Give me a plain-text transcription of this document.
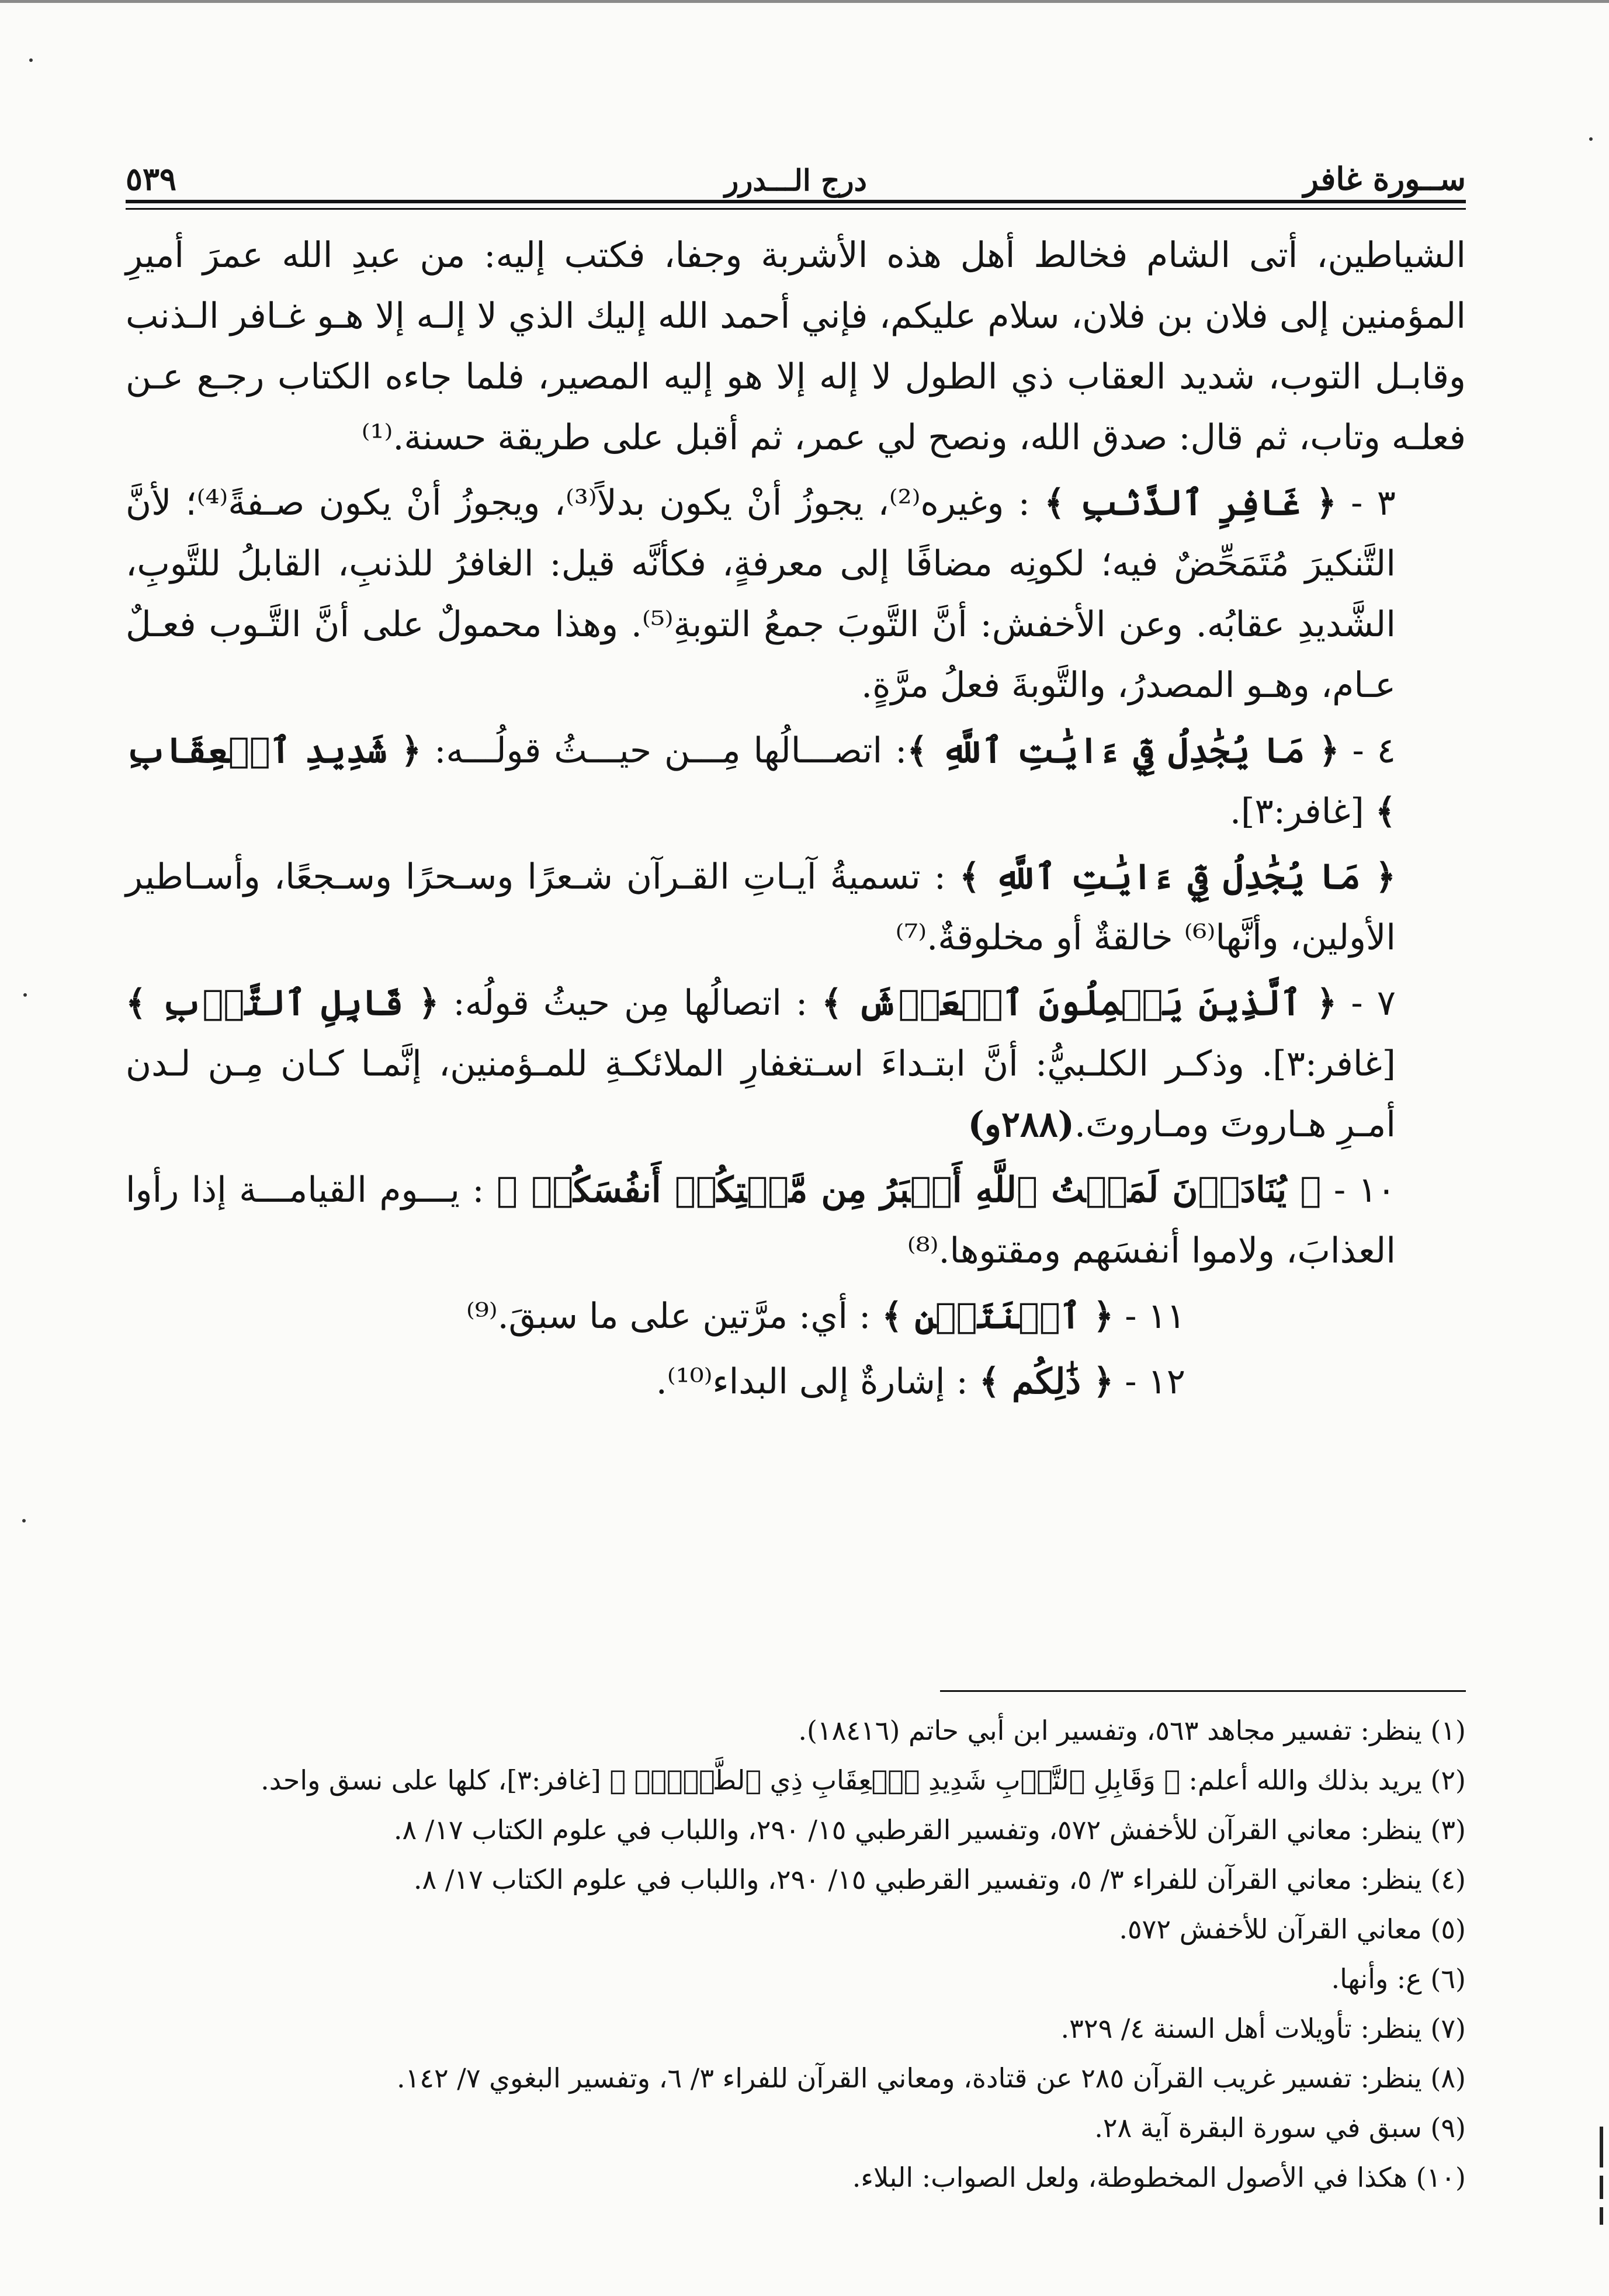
ســورة غافر
درج الـــدرر
٥٣٩

الشياطين، أتى الشام فخالط أهل هذه الأشربة وجفا، فكتب إليه: من عبدِ الله عمرَ أميرِ المؤمنين إلى فلان بن فلان، سلام عليكم، فإني أحمد الله إليك الذي لا إلـه إلا هـو غـافر الـذنب وقابـل التوب، شديد العقاب ذي الطول لا إله إلا هو إليه المصير، فلما جاءه الكتاب رجـع عـن فعلـه وتاب، ثم قال: صدق الله، ونصح لي عمر، ثم أقبل على طريقة حسنة.⁽¹⁾

٣ - ﴿ غَافِرِ ٱلذَّنۢبِ ﴾ : وغيره⁽²⁾، يجوزُ أنْ يكون بدلاً⁽³⁾، ويجوزُ أنْ يكون صـفةً⁽⁴⁾؛ لأنَّ التَّنكيرَ مُتَمَحِّضٌ فيه؛ لكونِه مضافًا إلى معرفةٍ، فكأنَّه قيل: الغافرُ للذنبِ، القابلُ للتَّوبِ، الشَّديدِ عقابُه. وعن الأخفش: أنَّ التَّوبَ جمعُ التوبةِ⁽⁵⁾. وهذا محمولٌ على أنَّ التَّـوب فعـلٌ عـام، وهـو المصدرُ، والتَّوبةَ فعلُ مرَّةٍ.

٤ - ﴿ مَا يُجَٰدِلُ فِيٓ ءَايَٰتِ ٱللَّهِ ﴾: اتصـــالُها مِـــن حيـــثُ قولُـــه: ﴿ شَدِيدِ ٱلۡعِقَابِ ﴾ [غافر:٣].

﴿ مَا يُجَٰدِلُ فِيٓ ءَايَٰتِ ٱللَّهِ ﴾ : تسميةُ آيـاتِ القـرآن شـعرًا وسـحرًا وسـجعًا، وأسـاطير الأولين، وأنَّها⁽⁶⁾ خالقةٌ أو مخلوقةٌ.⁽⁷⁾

٧ - ﴿ ٱلَّذِينَ يَحۡمِلُونَ ٱلۡعَرۡشَ ﴾ : اتصالُها مِن حيثُ قولُه: ﴿ قَابِلِ ٱلتَّوۡبِ ﴾ [غافر:٣]. وذكـر الكلـبيُّ: أنَّ ابتـداءَ اسـتغفارِ الملائكـةِ للمـؤمنين، إنَّمـا كـان مِـن لـدن أمـرِ هـاروتَ ومـاروتَ.(٢٨٨و)

١٠ - ﴿ يُنَادَوۡنَ لَمَقۡتُ ٱللَّهِ أَكۡبَرُ مِن مَّقۡتِكُمۡ أَنفُسَكُمۡ ﴾ : يـــوم القيامـــة إذا رأوا العذابَ، ولاموا أنفسَهم ومقتوها.⁽⁸⁾

١١ - ﴿ ٱثۡنَتَيۡنِ ﴾ : أي: مرَّتين على ما سبقَ.⁽⁹⁾

١٢ - ﴿ ذَٰلِكُم ﴾ : إشارةٌ إلى البداء⁽¹⁰⁾.

(١) ينظر: تفسير مجاهد ٥٦٣، وتفسير ابن أبي حاتم (١٨٤١٦).
(٢) يريد بذلك والله أعلم: ﴿ وَقَابِلِ ٱلتَّوۡبِ شَدِيدِ ٱلۡعِقَابِ ذِي ٱلطَّوۡلِۖ ﴾ [غافر:٣]، كلها على نسق واحد.
(٣) ينظر: معاني القرآن للأخفش ٥٧٢، وتفسير القرطبي ١٥/ ٢٩٠، واللباب في علوم الكتاب ١٧/ ٨.
(٤) ينظر: معاني القرآن للفراء ٣/ ٥، وتفسير القرطبي ١٥/ ٢٩٠، واللباب في علوم الكتاب ١٧/ ٨.
(٥) معاني القرآن للأخفش ٥٧٢.
(٦) ع: وأنها.
(٧) ينظر: تأويلات أهل السنة ٤/ ٣٢٩.
(٨) ينظر: تفسير غريب القرآن ٢٨٥ عن قتادة، ومعاني القرآن للفراء ٣/ ٦، وتفسير البغوي ٧/ ١٤٢.
(٩) سبق في سورة البقرة آية ٢٨.
(١٠) هكذا في الأصول المخطوطة، ولعل الصواب: البلاء.
